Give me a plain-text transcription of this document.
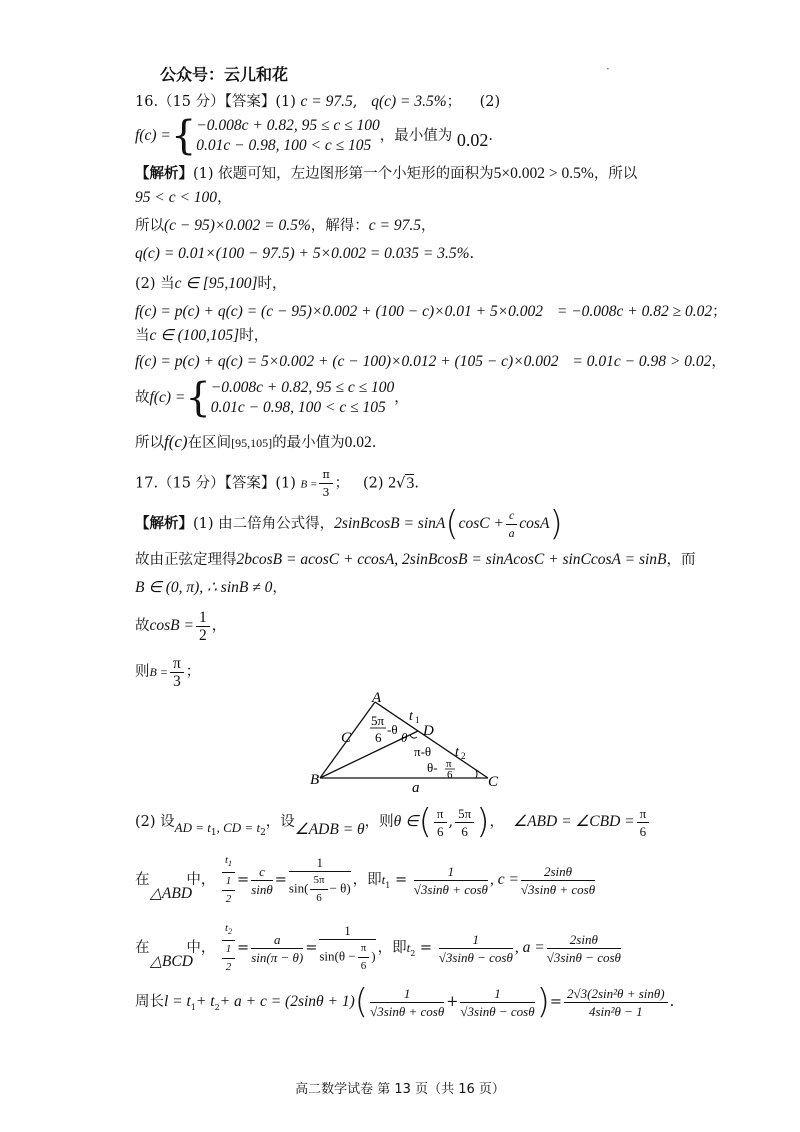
公众号：云儿和花	·
16.（15 分）【答案】(1) c = 97.5,   q(c) = 3.5%； (2)
f(c) ={ −0.008c + 0.82, 95 ≤ c ≤ 100
0.01c − 0.98, 100 < c ≤ 105
，最小值为 0.02.
【解析】(1) 依题可知，左边图形第一个小矩形的面积为5×0.002 > 0.5%，所以
95 < c < 100，
所以(c − 95)×0.002 = 0.5%，解得：c = 97.5，
q(c) = 0.01×(100 − 97.5) + 5×0.002 = 0.035 = 3.5%.
(2) 当c ∈ [95,100]时，
f(c) = p(c) + q(c) = (c − 95)×0.002 + (100 − c)×0.01 + 5×0.002 = −0.008c + 0.82 ≥ 0.02；
当c ∈ (100,105]时，
f(c) = p(c) + q(c) = 5×0.002 + (c − 100)×0.012 + (105 − c)×0.002 = 0.01c − 0.98 > 0.02，
故f(c) ={ −0.008c + 0.82, 95 ≤ c ≤ 100
0.01c − 0.98, 100 < c ≤ 105
，
所以f(c)在区间[95,105]的最小值为0.02.
17.（15 分）【答案】(1) $B = \frac{\pi}{3}$ ； (2) 2√3.
【解析】(1) 由二倍角公式得，2sinBcosB = $\sin A(\cos C + \frac{c}{a} \cos A)$
故由正弦定理得2bcosB = acosC + ccosA, 2sinBcosB = sinAcosC + sinCcosA = sinB，而
B ∈ (0, π), ∴ sinB ≠ 0，
故$\cos B = \frac{1}{2}$ ，
则$B = \frac{\pi}{3}$ ；
A
B	C
D
C
a
t 1
t 2
5π
6
-θ
θ
π-θ
θ- π
6
(2) 设AD = $t_1$, CD = $t_2$，设∠ADB = θ，则θ ∈( $\frac{\pi}{6}$ , $\frac{5\pi}{6}$ )， ∠ABD = ∠CBD = $\frac{\pi}{6}$
在	中，
$t_1$
1
2
= $\frac{c}{\sin\theta} = \frac{1}{\sin( \frac{5\pi}{6} - \theta)}$ ，即$t_1 = \frac{1}{√3\sin\theta + \cos\theta}$ , $c = \frac{2\sin\theta}{√3\sin\theta + \cos\theta}$
△ABD
在	中，
$t_2$
1
2
= $\frac{a}{\sin(\pi - \theta)} = \frac{1}{\sin(\theta - \frac{\pi}{6} )}$ ，即$t_2 = \frac{1}{√3\sin\theta - \cos\theta}$ , $a = \frac{2\sin\theta}{√3\sin\theta - \cos\theta}$
△BCD
周长$l = t_1+ t_2+ a + c = (2\sin\theta + 1)( \frac{1}{√3\sin\theta + \cos\theta} + \frac{1}{√3\sin\theta - \cos\theta}$ )= $\frac{\text{2√3(2sin²θ + sinθ)}}{\text{4sin²θ − 1}}$ .
高二数学试卷 第 13 页（共 16 页）
